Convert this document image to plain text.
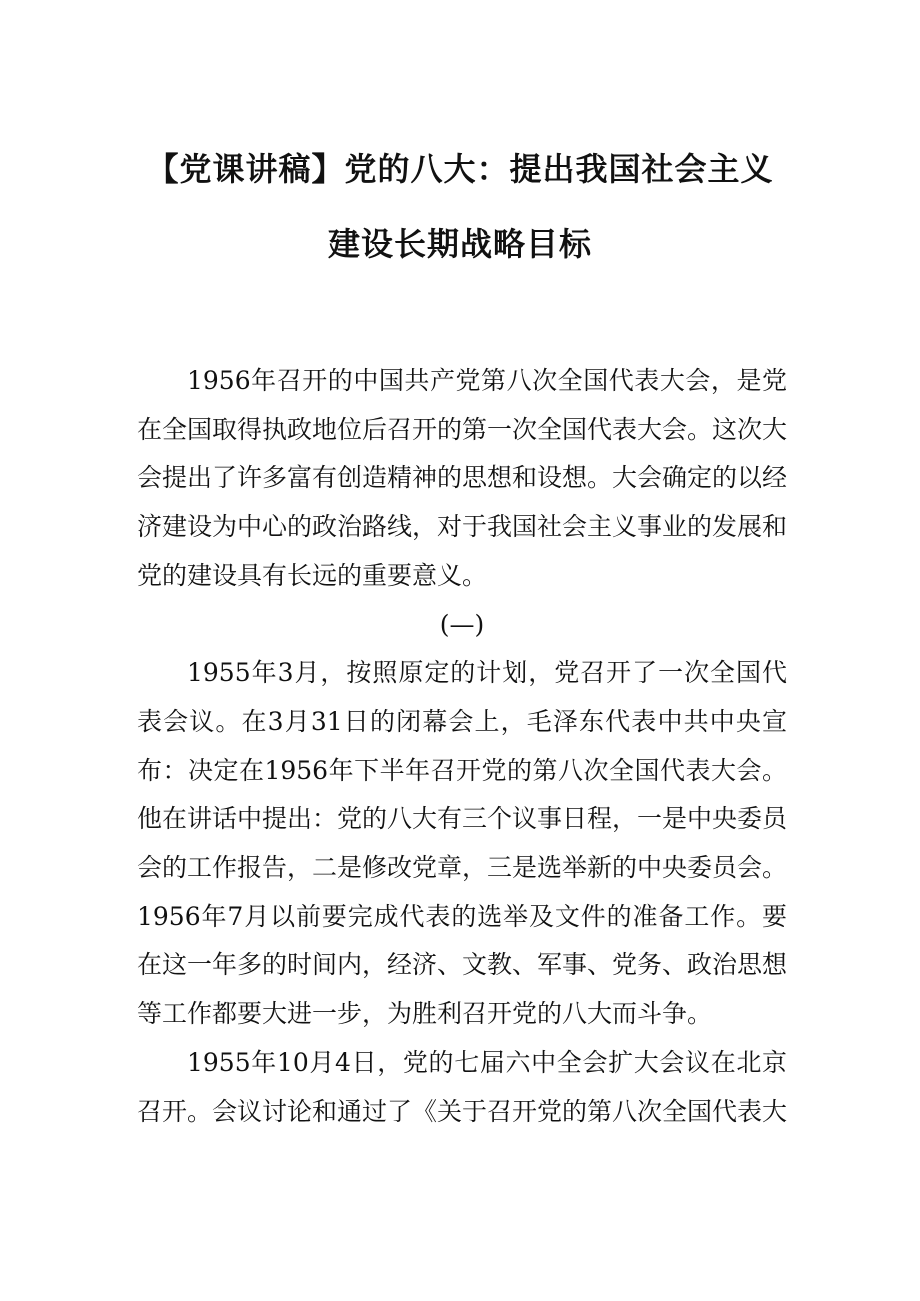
【党课讲稿】党的八大：提出我国社会主义
建设长期战略目标

1956年召开的中国共产党第八次全国代表大会，是党在全国取得执政地位后召开的第一次全国代表大会。这次大会提出了许多富有创造精神的思想和设想。大会确定的以经济建设为中心的政治路线，对于我国社会主义事业的发展和党的建设具有长远的重要意义。

(—)

1955年3月，按照原定的计划，党召开了一次全国代表会议。在3月31日的闭幕会上，毛泽东代表中共中央宣布：决定在1956年下半年召开党的第八次全国代表大会。他在讲话中提出：党的八大有三个议事日程，一是中央委员会的工作报告，二是修改党章，三是选举新的中央委员会。1956年7月以前要完成代表的选举及文件的准备工作。要在这一年多的时间内，经济、文教、军事、党务、政治思想等工作都要大进一步，为胜利召开党的八大而斗争。

1955年10月4日，党的七届六中全会扩大会议在北京召开。会议讨论和通过了《关于召开党的第八次全国代表大
